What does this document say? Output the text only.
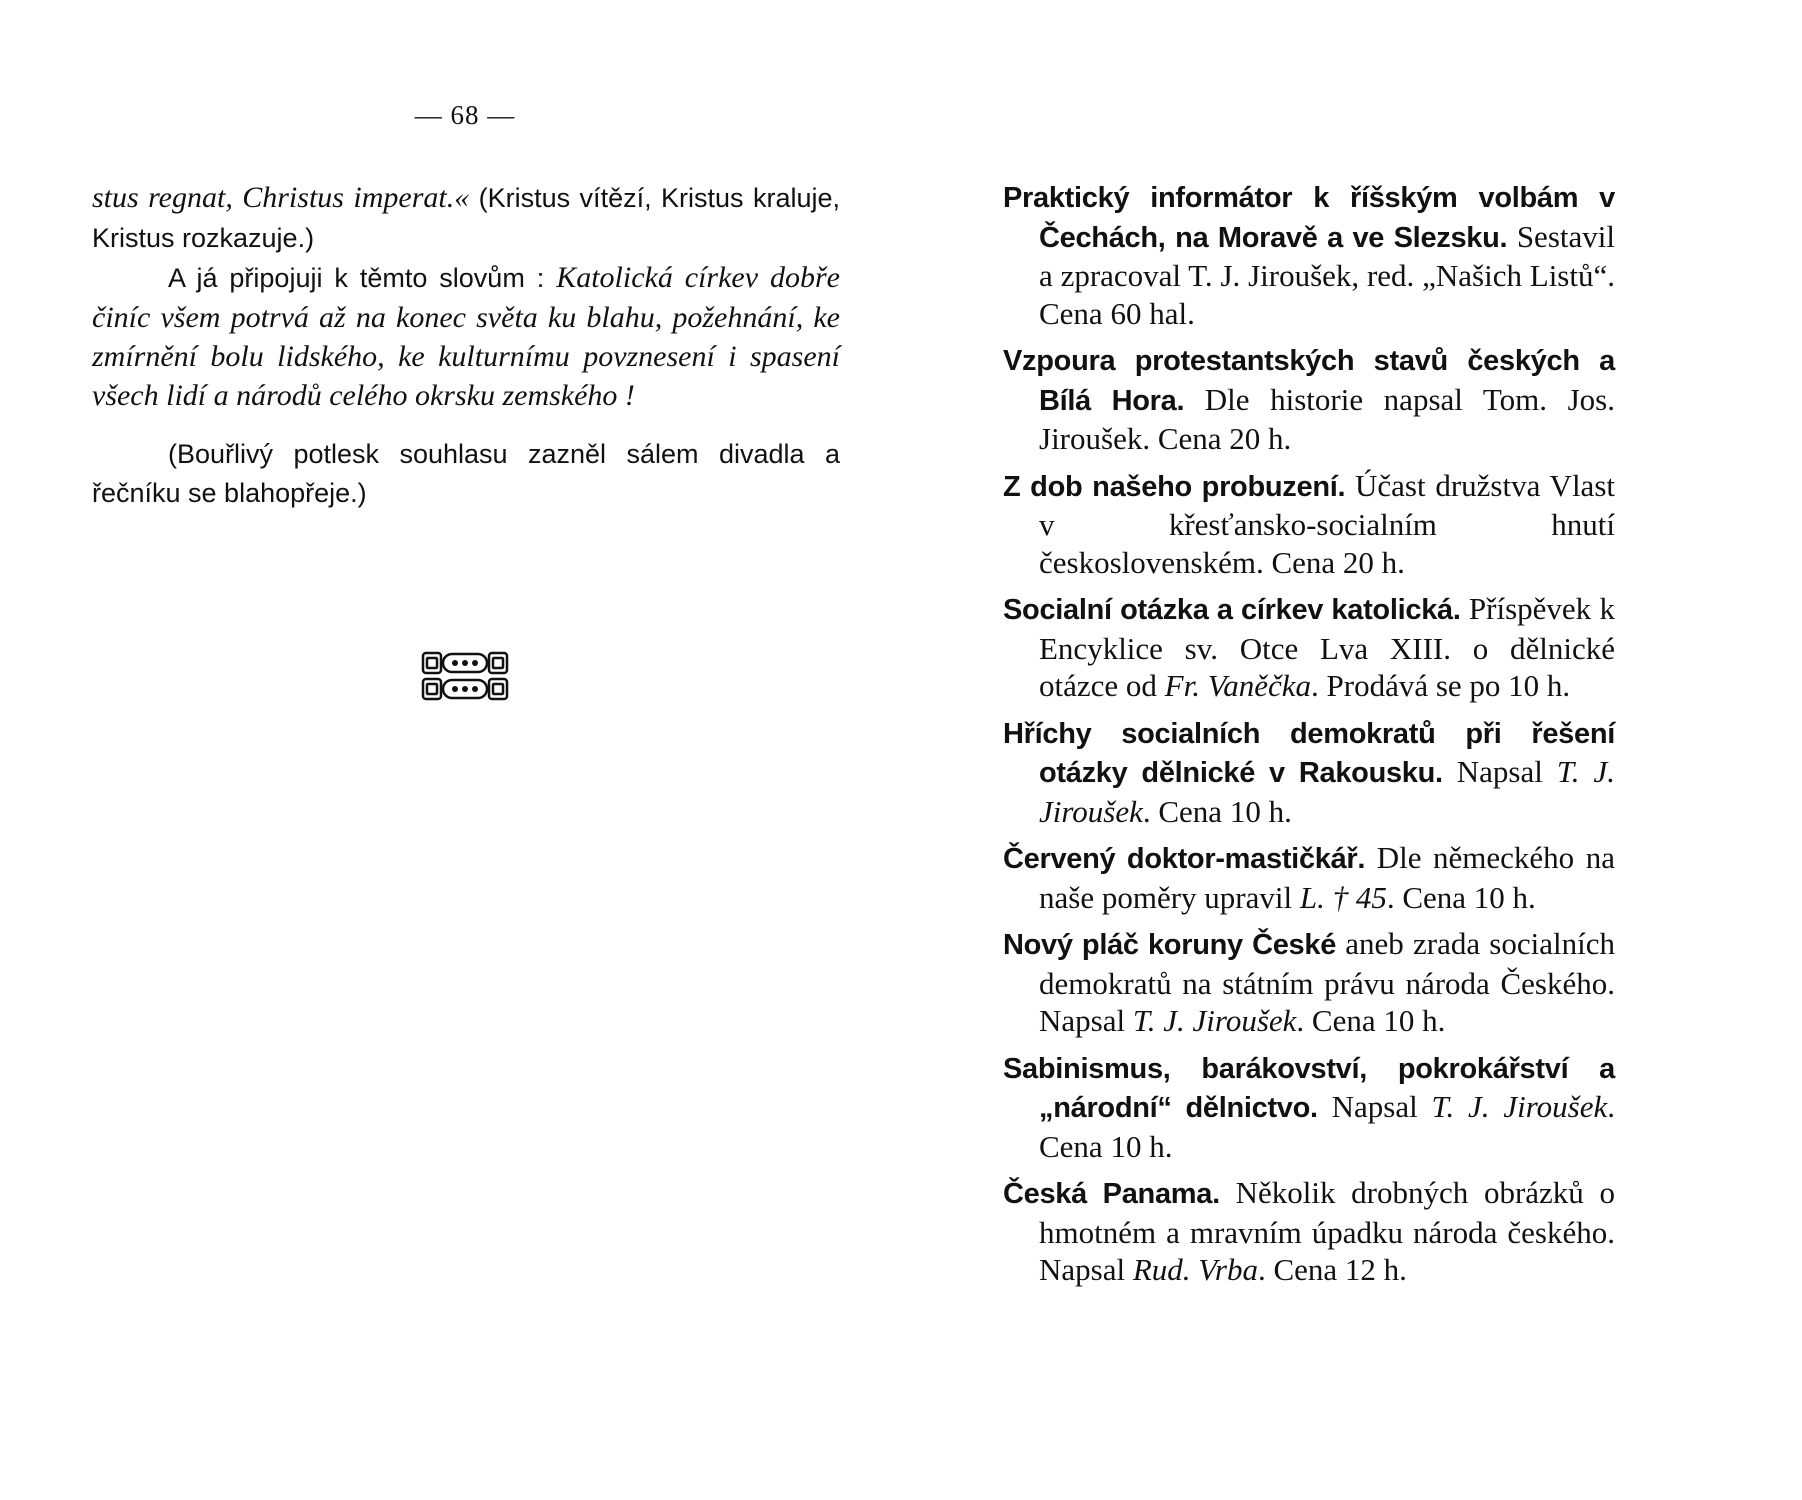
— 68 —

stus regnat, Christus imperat.« (Kristus vítězí, Kristus kraluje, Kristus rozkazuje.)

A já připojuji k těmto slovům : Katolická církev dobře činíc všem potrvá až na konec světa ku blahu, požehnání, ke zmírnění bolu lidského, ke kulturnímu povznesení i spasení všech lidí a národů celého okrsku zemského !

(Bouřlivý potlesk souhlasu zazněl sálem divadla a řečníku se blahopřeje.)

Praktický informátor k říšským volbám v Čechách, na Moravě a ve Slezsku. Sestavil a zpracoval T. J. Jiroušek, red. „Našich Listů“. Cena 60 hal.

Vzpoura protestantských stavů českých a Bílá Hora. Dle historie napsal Tom. Jos. Jiroušek. Cena 20 h.

Z dob našeho probuzení. Účast družstva Vlast v křesťansko-socialním hnutí československém. Cena 20 h.

Socialní otázka a církev katolická. Příspěvek k Encyklice sv. Otce Lva XIII. o dělnické otázce od Fr. Vaněčka. Prodává se po 10 h.

Hříchy socialních demokratů při řešení otázky dělnické v Rakousku. Napsal T. J. Jiroušek. Cena 10 h.

Červený doktor-mastičkář. Dle německého na naše poměry upravil L. † 45. Cena 10 h.

Nový pláč koruny České aneb zrada socialních demokratů na státním právu národa Českého. Napsal T. J. Jiroušek. Cena 10 h.

Sabinismus, barákovství, pokrokářství a „národní“ dělnictvo. Napsal T. J. Jiroušek. Cena 10 h.

Česká Panama. Několik drobných obrázků o hmotném a mravním úpadku národa českého. Napsal Rud. Vrba. Cena 12 h.
